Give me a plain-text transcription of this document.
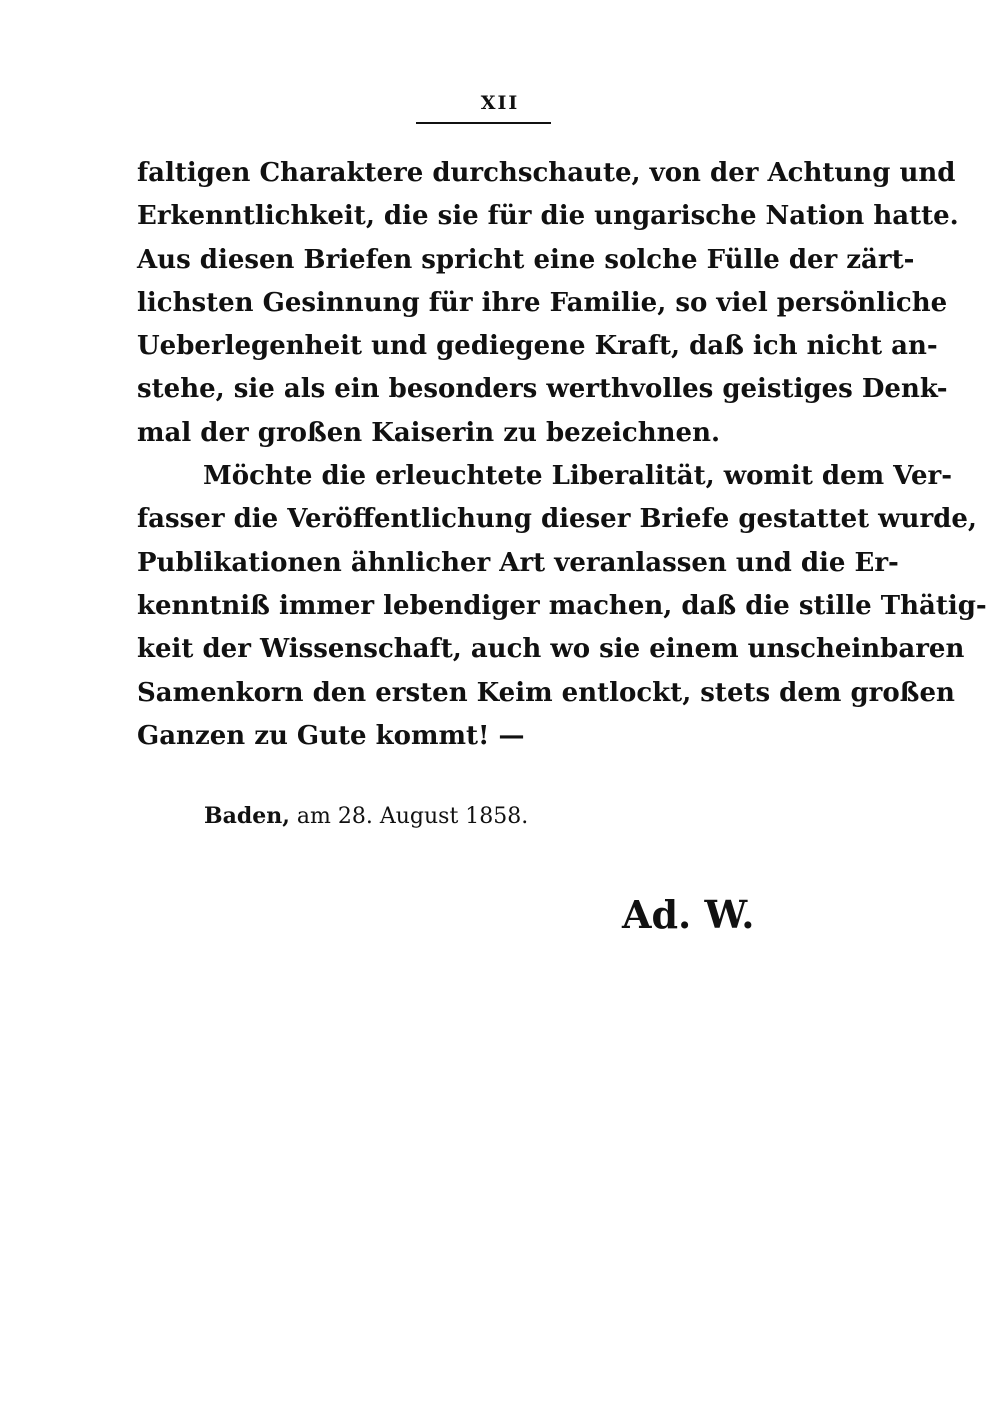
XII
faltigen Charaktere durchschaute, von der Achtung und
Erkenntlichkeit, die sie für die ungarische Nation hatte.
Aus diesen Briefen spricht eine solche Fülle der zärt-
lichsten Gesinnung für ihre Familie, so viel persönliche
Ueberlegenheit und gediegene Kraft, daß ich nicht an-
stehe, sie als ein besonders werthvolles geistiges Denk-
mal der großen Kaiserin zu bezeichnen.
Möchte die erleuchtete Liberalität, womit dem Ver-
fasser die Veröffentlichung dieser Briefe gestattet wurde,
Publikationen ähnlicher Art veranlassen und die Er-
kenntniß immer lebendiger machen, daß die stille Thätig-
keit der Wissenschaft, auch wo sie einem unscheinbaren
Samenkorn den ersten Keim entlockt, stets dem großen
Ganzen zu Gute kommt! —
Baden, am 28. August 1858.
Ad. W.
